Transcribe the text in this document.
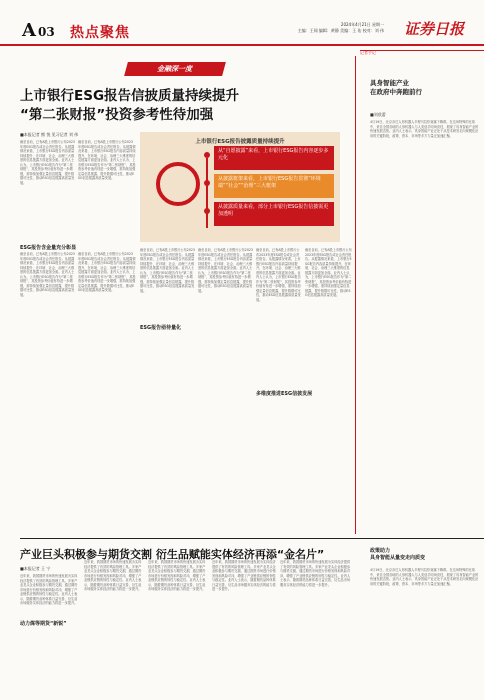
A 03 热点聚焦
2024年4月21日 星期一
主编：王闻 编辑：黄静 美编：王 佑 校对：刘 伟 证券日报
金融深一度
上市银行ESG报告信披质量持续提升
“第二张财报”投资参考性待加强
■本报记者 熊 悦 见习记者 刘 伟
上市银行ESG报告披露质量持续提升
从“自愿披露”来看，上市银行ESG报告内容逐步多元化
从披露框架来看，上市银行ESG报告贯彻“环境端”“社会”“治理”三大框架
从披露质量来看，部分上市银行ESG报告信披需更加透明

截至目前，已有A股上市银行公布2023年度ESG报告或社会责任报告。从披露情况来看，上市银行ESG报告内容质量持续提升，在环境、社会、治理三大维度的信息披露方面更加全面。业内人士认为，上市银行ESG报告作为“第二张财报”，其投资参考价值有待进一步增强，需持续加强定量信息披露，提升数据可比性，推动ESG信息披露高质量发展。

截至目前，已有A股上市银行公布2023年度ESG报告或社会责任报告。从披露情况来看，上市银行ESG报告内容质量持续提升，在环境、社会、治理三大维度的信息披露方面更加全面。业内人士认为，上市银行ESG报告作为“第二张财报”，其投资参考价值有待进一步增强，需持续加强定量信息披露，提升数据可比性，推动ESG信息披露高质量发展。

ESG报告含金量充分彰显

截至目前，已有A股上市银行公布2023年度ESG报告或社会责任报告。从披露情况来看，上市银行ESG报告内容质量持续提升，在环境、社会、治理三大维度的信息披露方面更加全面。业内人士认为，上市银行ESG报告作为“第二张财报”，其投资参考价值有待进一步增强，需持续加强定量信息披露，提升数据可比性，推动ESG信息披露高质量发展。

截至目前，已有A股上市银行公布2023年度ESG报告或社会责任报告。从披露情况来看，上市银行ESG报告内容质量持续提升，在环境、社会、治理三大维度的信息披露方面更加全面。业内人士认为，上市银行ESG报告作为“第二张财报”，其投资参考价值有待进一步增强，需持续加强定量信息披露，提升数据可比性，推动ESG信息披露高质量发展。

截至目前，已有A股上市银行公布2023年度ESG报告或社会责任报告。从披露情况来看，上市银行ESG报告内容质量持续提升，在环境、社会、治理三大维度的信息披露方面更加全面。业内人士认为，上市银行ESG报告作为“第二张财报”，其投资参考价值有待进一步增强，需持续加强定量信息披露，提升数据可比性，推动ESG信息披露高质量发展。

ESG报告亟待量化

截至目前，已有A股上市银行公布2023年度ESG报告或社会责任报告。从披露情况来看，上市银行ESG报告内容质量持续提升，在环境、社会、治理三大维度的信息披露方面更加全面。业内人士认为，上市银行ESG报告作为“第二张财报”，其投资参考价值有待进一步增强，需持续加强定量信息披露，提升数据可比性，推动ESG信息披露高质量发展。

截至目前，已有A股上市银行公布2023年度ESG报告或社会责任报告。从披露情况来看，上市银行ESG报告内容质量持续提升，在环境、社会、治理三大维度的信息披露方面更加全面。业内人士认为，上市银行ESG报告作为“第二张财报”，其投资参考价值有待进一步增强，需持续加强定量信息披露，提升数据可比性，推动ESG信息披露高质量发展。

多维度推进ESG信披发展

截至目前，已有A股上市银行公布2023年度ESG报告或社会责任报告。从披露情况来看，上市银行ESG报告内容质量持续提升，在环境、社会、治理三大维度的信息披露方面更加全面。业内人士认为，上市银行ESG报告作为“第二张财报”，其投资参考价值有待进一步增强，需持续加强定量信息披露，提升数据可比性，推动ESG信息披露高质量发展。

记者手记
具身智能产业
在政府中奔跑前行
■刘欣蕾

4月19日，北京亦庄人形机器人半程马拉松赛落下帷幕。在这场特殊的比赛中，来自全国各地的人形机器人与人类选手同场竞技，展现了具身智能产业的快速发展态势。业内人士表示，具身智能产业正处于从技术研发走向规模化应用的关键阶段，政策、资本、市场等多方力量正加速汇聚。

产业巨头积极参与期货交割 衍生品赋能实体经济再添“金名片”
■本报记者 王 宁

近年来，我国期货市场的快速发展为实体经济提供了有效的风险管理工具。多家产业龙头企业积极参与期货交割，通过期货市场进行价格发现和风险对冲，增强了产业链供应链的韧性与稳定性。业内人士表示，随着期货品种体系日益完善，衍生品市场服务实体经济的能力将进一步提升。

动力煤等期货“新锐”

近年来，我国期货市场的快速发展为实体经济提供了有效的风险管理工具。多家产业龙头企业积极参与期货交割，通过期货市场进行价格发现和风险对冲，增强了产业链供应链的韧性与稳定性。业内人士表示，随着期货品种体系日益完善，衍生品市场服务实体经济的能力将进一步提升。

近年来，我国期货市场的快速发展为实体经济提供了有效的风险管理工具。多家产业龙头企业积极参与期货交割，通过期货市场进行价格发现和风险对冲，增强了产业链供应链的韧性与稳定性。业内人士表示，随着期货品种体系日益完善，衍生品市场服务实体经济的能力将进一步提升。

近年来，我国期货市场的快速发展为实体经济提供了有效的风险管理工具。多家产业龙头企业积极参与期货交割，通过期货市场进行价格发现和风险对冲，增强了产业链供应链的韧性与稳定性。业内人士表示，随着期货品种体系日益完善，衍生品市场服务实体经济的能力将进一步提升。

近年来，我国期货市场的快速发展为实体经济提供了有效的风险管理工具。多家产业龙头企业积极参与期货交割，通过期货市场进行价格发现和风险对冲，增强了产业链供应链的韧性与稳定性。业内人士表示，随着期货品种体系日益完善，衍生品市场服务实体经济的能力将进一步提升。

政策助力
具身智能从量变走向质变

4月19日，北京亦庄人形机器人半程马拉松赛落下帷幕。在这场特殊的比赛中，来自全国各地的人形机器人与人类选手同场竞技，展现了具身智能产业的快速发展态势。业内人士表示，具身智能产业正处于从技术研发走向规模化应用的关键阶段，政策、资本、市场等多方力量正加速汇聚。
